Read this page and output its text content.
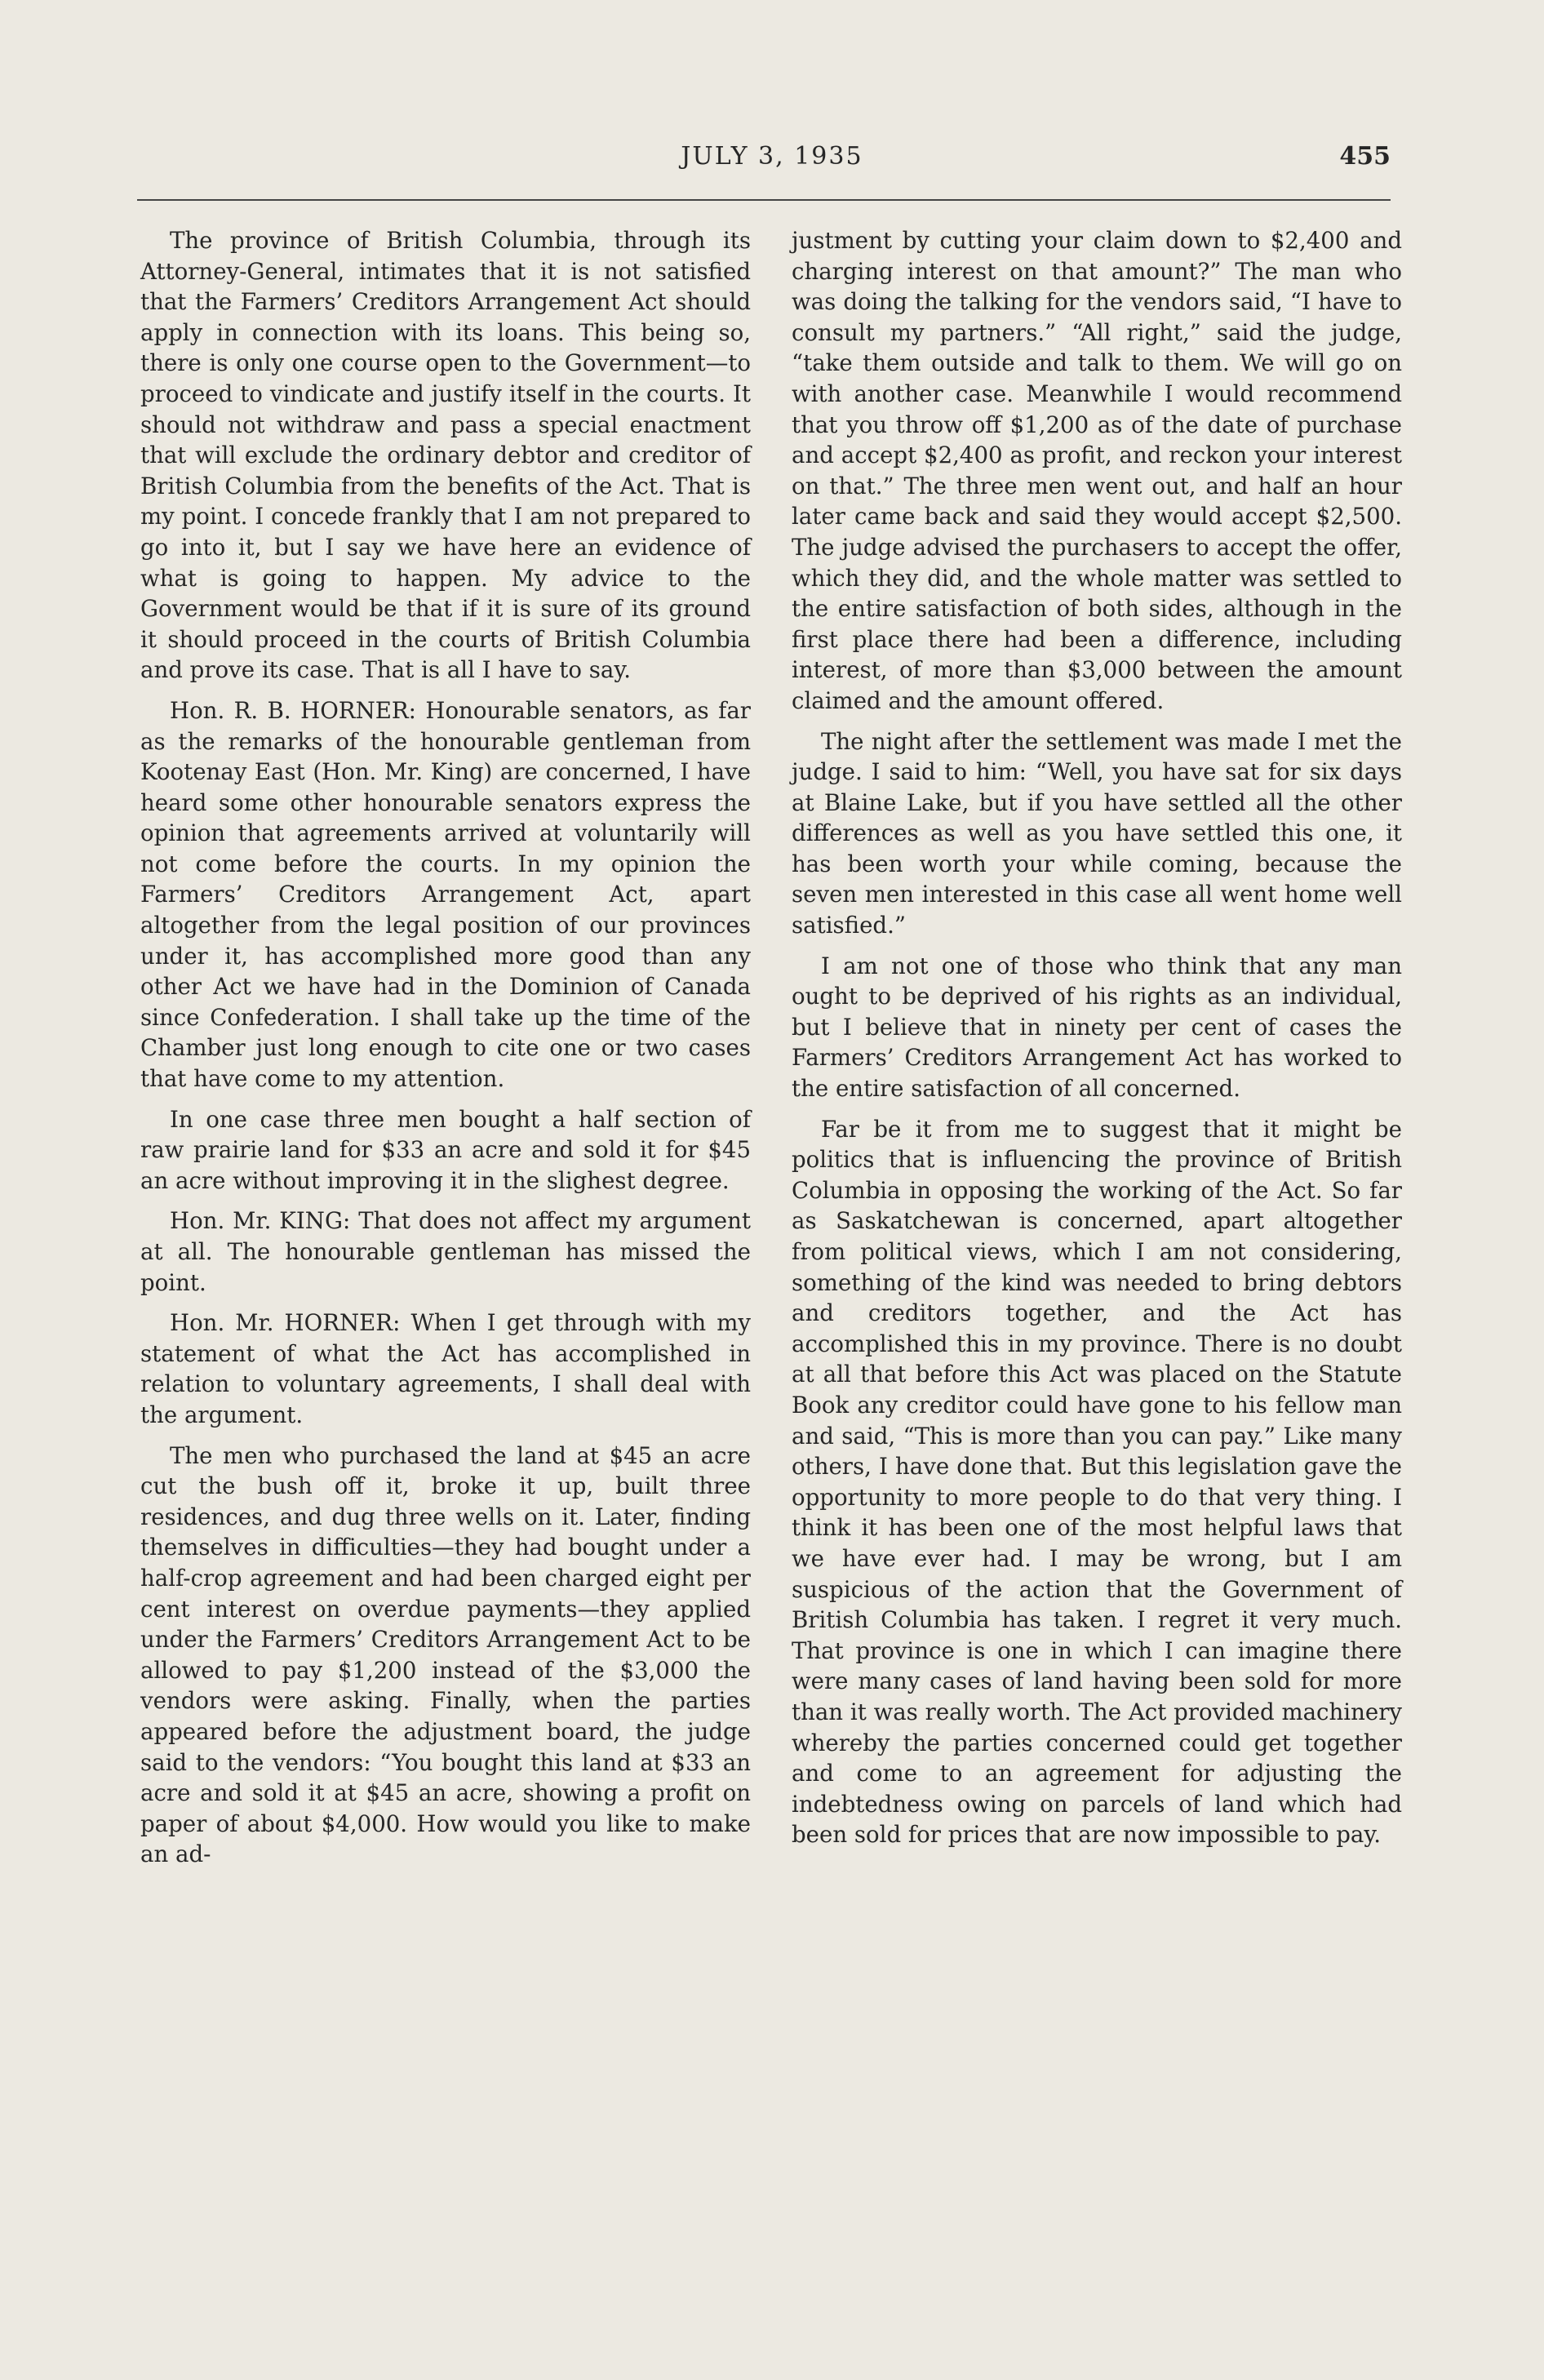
JULY 3, 1935	455

The province of British Columbia, through its Attorney-General, intimates that it is not satisfied that the Farmers’ Creditors Arrangement Act should apply in connection with its loans. This being so, there is only one course open to the Government—to proceed to vindicate and justify itself in the courts. It should not withdraw and pass a special enactment that will exclude the ordinary debtor and creditor of British Columbia from the benefits of the Act. That is my point. I concede frankly that I am not prepared to go into it, but I say we have here an evidence of what is going to happen. My advice to the Government would be that if it is sure of its ground it should proceed in the courts of British Columbia and prove its case. That is all I have to say.

Hon. R. B. HORNER: Honourable senators, as far as the remarks of the honourable gentleman from Kootenay East (Hon. Mr. King) are concerned, I have heard some other honourable senators express the opinion that agreements arrived at voluntarily will not come before the courts. In my opinion the Farmers’ Creditors Arrangement Act, apart altogether from the legal position of our provinces under it, has accomplished more good than any other Act we have had in the Dominion of Canada since Confederation. I shall take up the time of the Chamber just long enough to cite one or two cases that have come to my attention.

In one case three men bought a half section of raw prairie land for $33 an acre and sold it for $45 an acre without improving it in the slighest degree.

Hon. Mr. KING: That does not affect my argument at all. The honourable gentleman has missed the point.

Hon. Mr. HORNER: When I get through with my statement of what the Act has accomplished in relation to voluntary agreements, I shall deal with the argument.

The men who purchased the land at $45 an acre cut the bush off it, broke it up, built three residences, and dug three wells on it. Later, finding themselves in difficulties—they had bought under a half-crop agreement and had been charged eight per cent interest on overdue payments—they applied under the Farmers’ Creditors Arrangement Act to be allowed to pay $1,200 instead of the $3,000 the vendors were asking. Finally, when the parties appeared before the adjustment board, the judge said to the vendors: “You bought this land at $33 an acre and sold it at $45 an acre, showing a profit on paper of about $4,000. How would you like to make an ad-

justment by cutting your claim down to $2,400 and charging interest on that amount?” The man who was doing the talking for the vendors said, “I have to consult my partners.” “All right,” said the judge, “take them outside and talk to them. We will go on with another case. Meanwhile I would recommend that you throw off $1,200 as of the date of purchase and accept $2,400 as profit, and reckon your interest on that.” The three men went out, and half an hour later came back and said they would accept $2,500. The judge advised the purchasers to accept the offer, which they did, and the whole matter was settled to the entire satisfaction of both sides, although in the first place there had been a difference, including interest, of more than $3,000 between the amount claimed and the amount offered.

The night after the settlement was made I met the judge. I said to him: “Well, you have sat for six days at Blaine Lake, but if you have settled all the other differences as well as you have settled this one, it has been worth your while coming, because the seven men interested in this case all went home well satisfied.”

I am not one of those who think that any man ought to be deprived of his rights as an individual, but I believe that in ninety per cent of cases the Farmers’ Creditors Arrangement Act has worked to the entire satisfaction of all concerned.

Far be it from me to suggest that it might be politics that is influencing the province of British Columbia in opposing the working of the Act. So far as Saskatchewan is concerned, apart altogether from political views, which I am not considering, something of the kind was needed to bring debtors and creditors together, and the Act has accomplished this in my province. There is no doubt at all that before this Act was placed on the Statute Book any creditor could have gone to his fellow man and said, “This is more than you can pay.” Like many others, I have done that. But this legislation gave the opportunity to more people to do that very thing. I think it has been one of the most helpful laws that we have ever had. I may be wrong, but I am suspicious of the action that the Government of British Columbia has taken. I regret it very much. That province is one in which I can imagine there were many cases of land having been sold for more than it was really worth. The Act provided machinery whereby the parties concerned could get together and come to an agreement for adjusting the indebtedness owing on parcels of land which had been sold for prices that are now impossible to pay.
